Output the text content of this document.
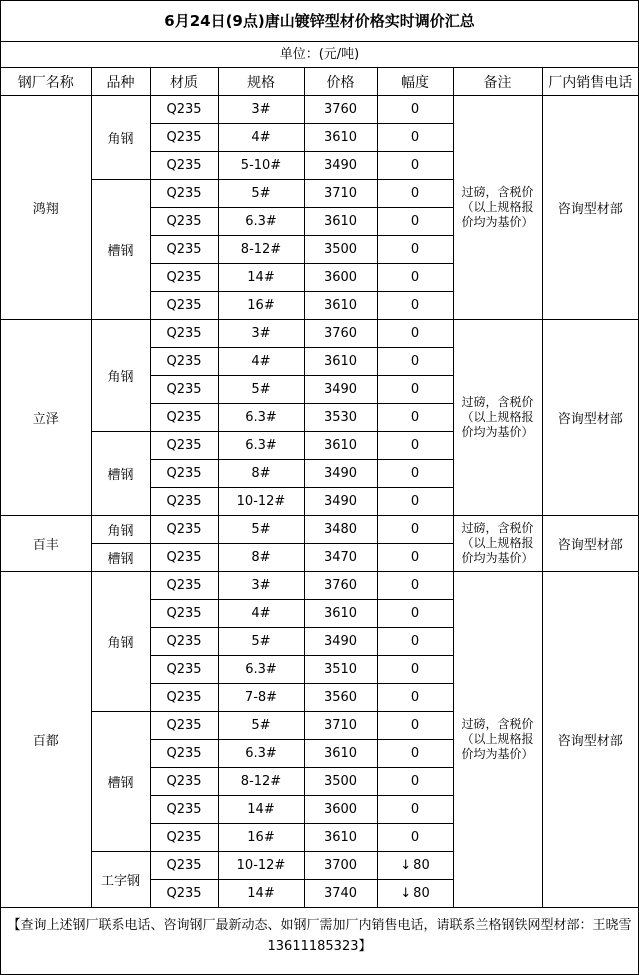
6月24日(9点)唐山镀锌型材价格实时调价汇总
单位：(元/吨)
钢厂名称	品种	材质	规格	价格	幅度	备注	厂内销售电话
鸿翔	角钢	Q235	3#	3760	0	过磅，含税价（以上规格报价均为基价）	咨询型材部
		Q235	4#	3610	0		
		Q235	5-10#	3490	0		
	槽钢	Q235	5#	3710	0		
		Q235	6.3#	3610	0		
		Q235	8-12#	3500	0		
		Q235	14#	3600	0		
		Q235	16#	3610	0		
立泽	角钢	Q235	3#	3760	0	过磅，含税价（以上规格报价均为基价）	咨询型材部
		Q235	4#	3610	0		
		Q235	5#	3490	0		
		Q235	6.3#	3530	0		
	槽钢	Q235	6.3#	3610	0		
		Q235	8#	3490	0		
		Q235	10-12#	3490	0		
百丰	角钢	Q235	5#	3480	0	过磅，含税价（以上规格报价均为基价）	咨询型材部
	槽钢	Q235	8#	3470	0		
百都	角钢	Q235	3#	3760	0	过磅，含税价（以上规格报价均为基价）	咨询型材部
		Q235	4#	3610	0		
		Q235	5#	3490	0		
		Q235	6.3#	3510	0		
		Q235	7-8#	3560	0		
	槽钢	Q235	5#	3710	0		
		Q235	6.3#	3610	0		
		Q235	8-12#	3500	0		
		Q235	14#	3600	0		
		Q235	16#	3610	0		
	工字钢	Q235	10-12#	3700	↓ 80		
		Q235	14#	3740	↓ 80		
【查询上述钢厂联系电话、咨询钢厂最新动态、如钢厂需加厂内销售电话，请联系兰格钢铁网型材部：王晓雪13611185323】
